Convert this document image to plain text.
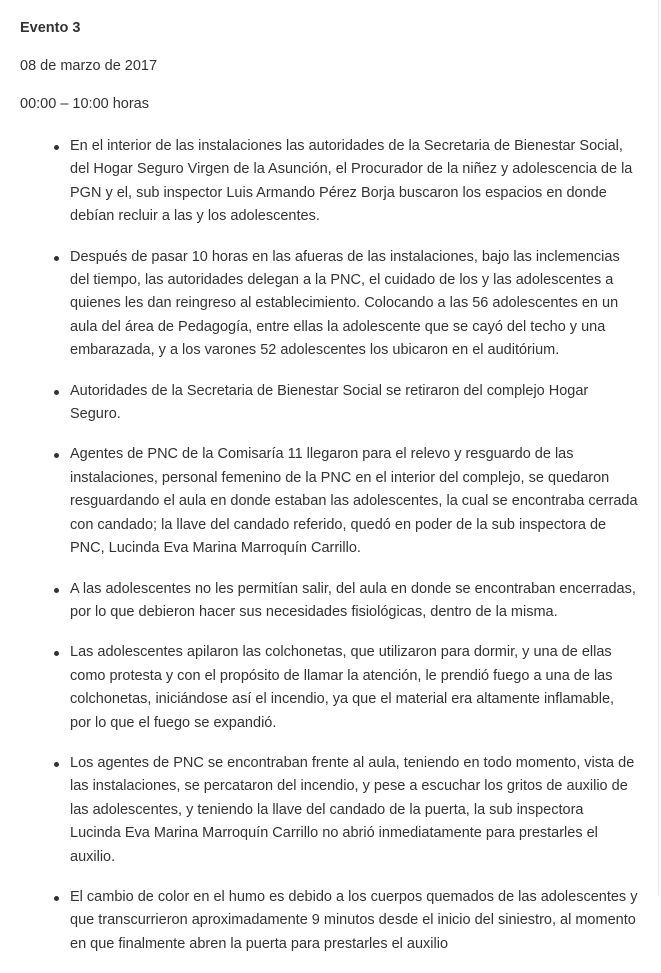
Evento 3

08 de marzo de 2017

00:00 – 10:00 horas

En el interior de las instalaciones las autoridades de la Secretaria de Bienestar Social, del Hogar Seguro Virgen de la Asunción, el Procurador de la niñez y adolescencia de la PGN y el, sub inspector Luis Armando Pérez Borja buscaron los espacios en donde debían recluir a las y los adolescentes.
Después de pasar 10 horas en las afueras de las instalaciones, bajo las inclemencias del tiempo, las autoridades delegan a la PNC, el cuidado de los y las adolescentes a quienes les dan reingreso al establecimiento. Colocando a las 56 adolescentes en un aula del área de Pedagogía, entre ellas la adolescente que se cayó del techo y una embarazada, y a los varones 52 adolescentes los ubicaron en el auditórium.
Autoridades de la Secretaria de Bienestar Social se retiraron del complejo Hogar Seguro.
Agentes de PNC de la Comisaría 11 llegaron para el relevo y resguardo de las instalaciones, personal femenino de la PNC en el interior del complejo, se quedaron resguardando el aula en donde estaban las adolescentes, la cual se encontraba cerrada con candado; la llave del candado referido, quedó en poder de la sub inspectora de PNC, Lucinda Eva Marina Marroquín Carrillo.
A las adolescentes no les permitían salir, del aula en donde se encontraban encerradas, por lo que debieron hacer sus necesidades fisiológicas, dentro de la misma.
Las adolescentes apilaron las colchonetas, que utilizaron para dormir, y una de ellas como protesta y con el propósito de llamar la atención, le prendió fuego a una de las colchonetas, iniciándose así el incendio, ya que el material era altamente inflamable, por lo que el fuego se expandió.
Los agentes de PNC se encontraban frente al aula, teniendo en todo momento, vista de las instalaciones, se percataron del incendio, y pese a escuchar los gritos de auxilio de las adolescentes, y teniendo la llave del candado de la puerta, la sub inspectora Lucinda Eva Marina Marroquín Carrillo no abrió inmediatamente para prestarles el auxilio.
El cambio de color en el humo es debido a los cuerpos quemados de las adolescentes y que transcurrieron aproximadamente 9 minutos desde el inicio del siniestro, al momento en que finalmente abren la puerta para prestarles el auxilio
